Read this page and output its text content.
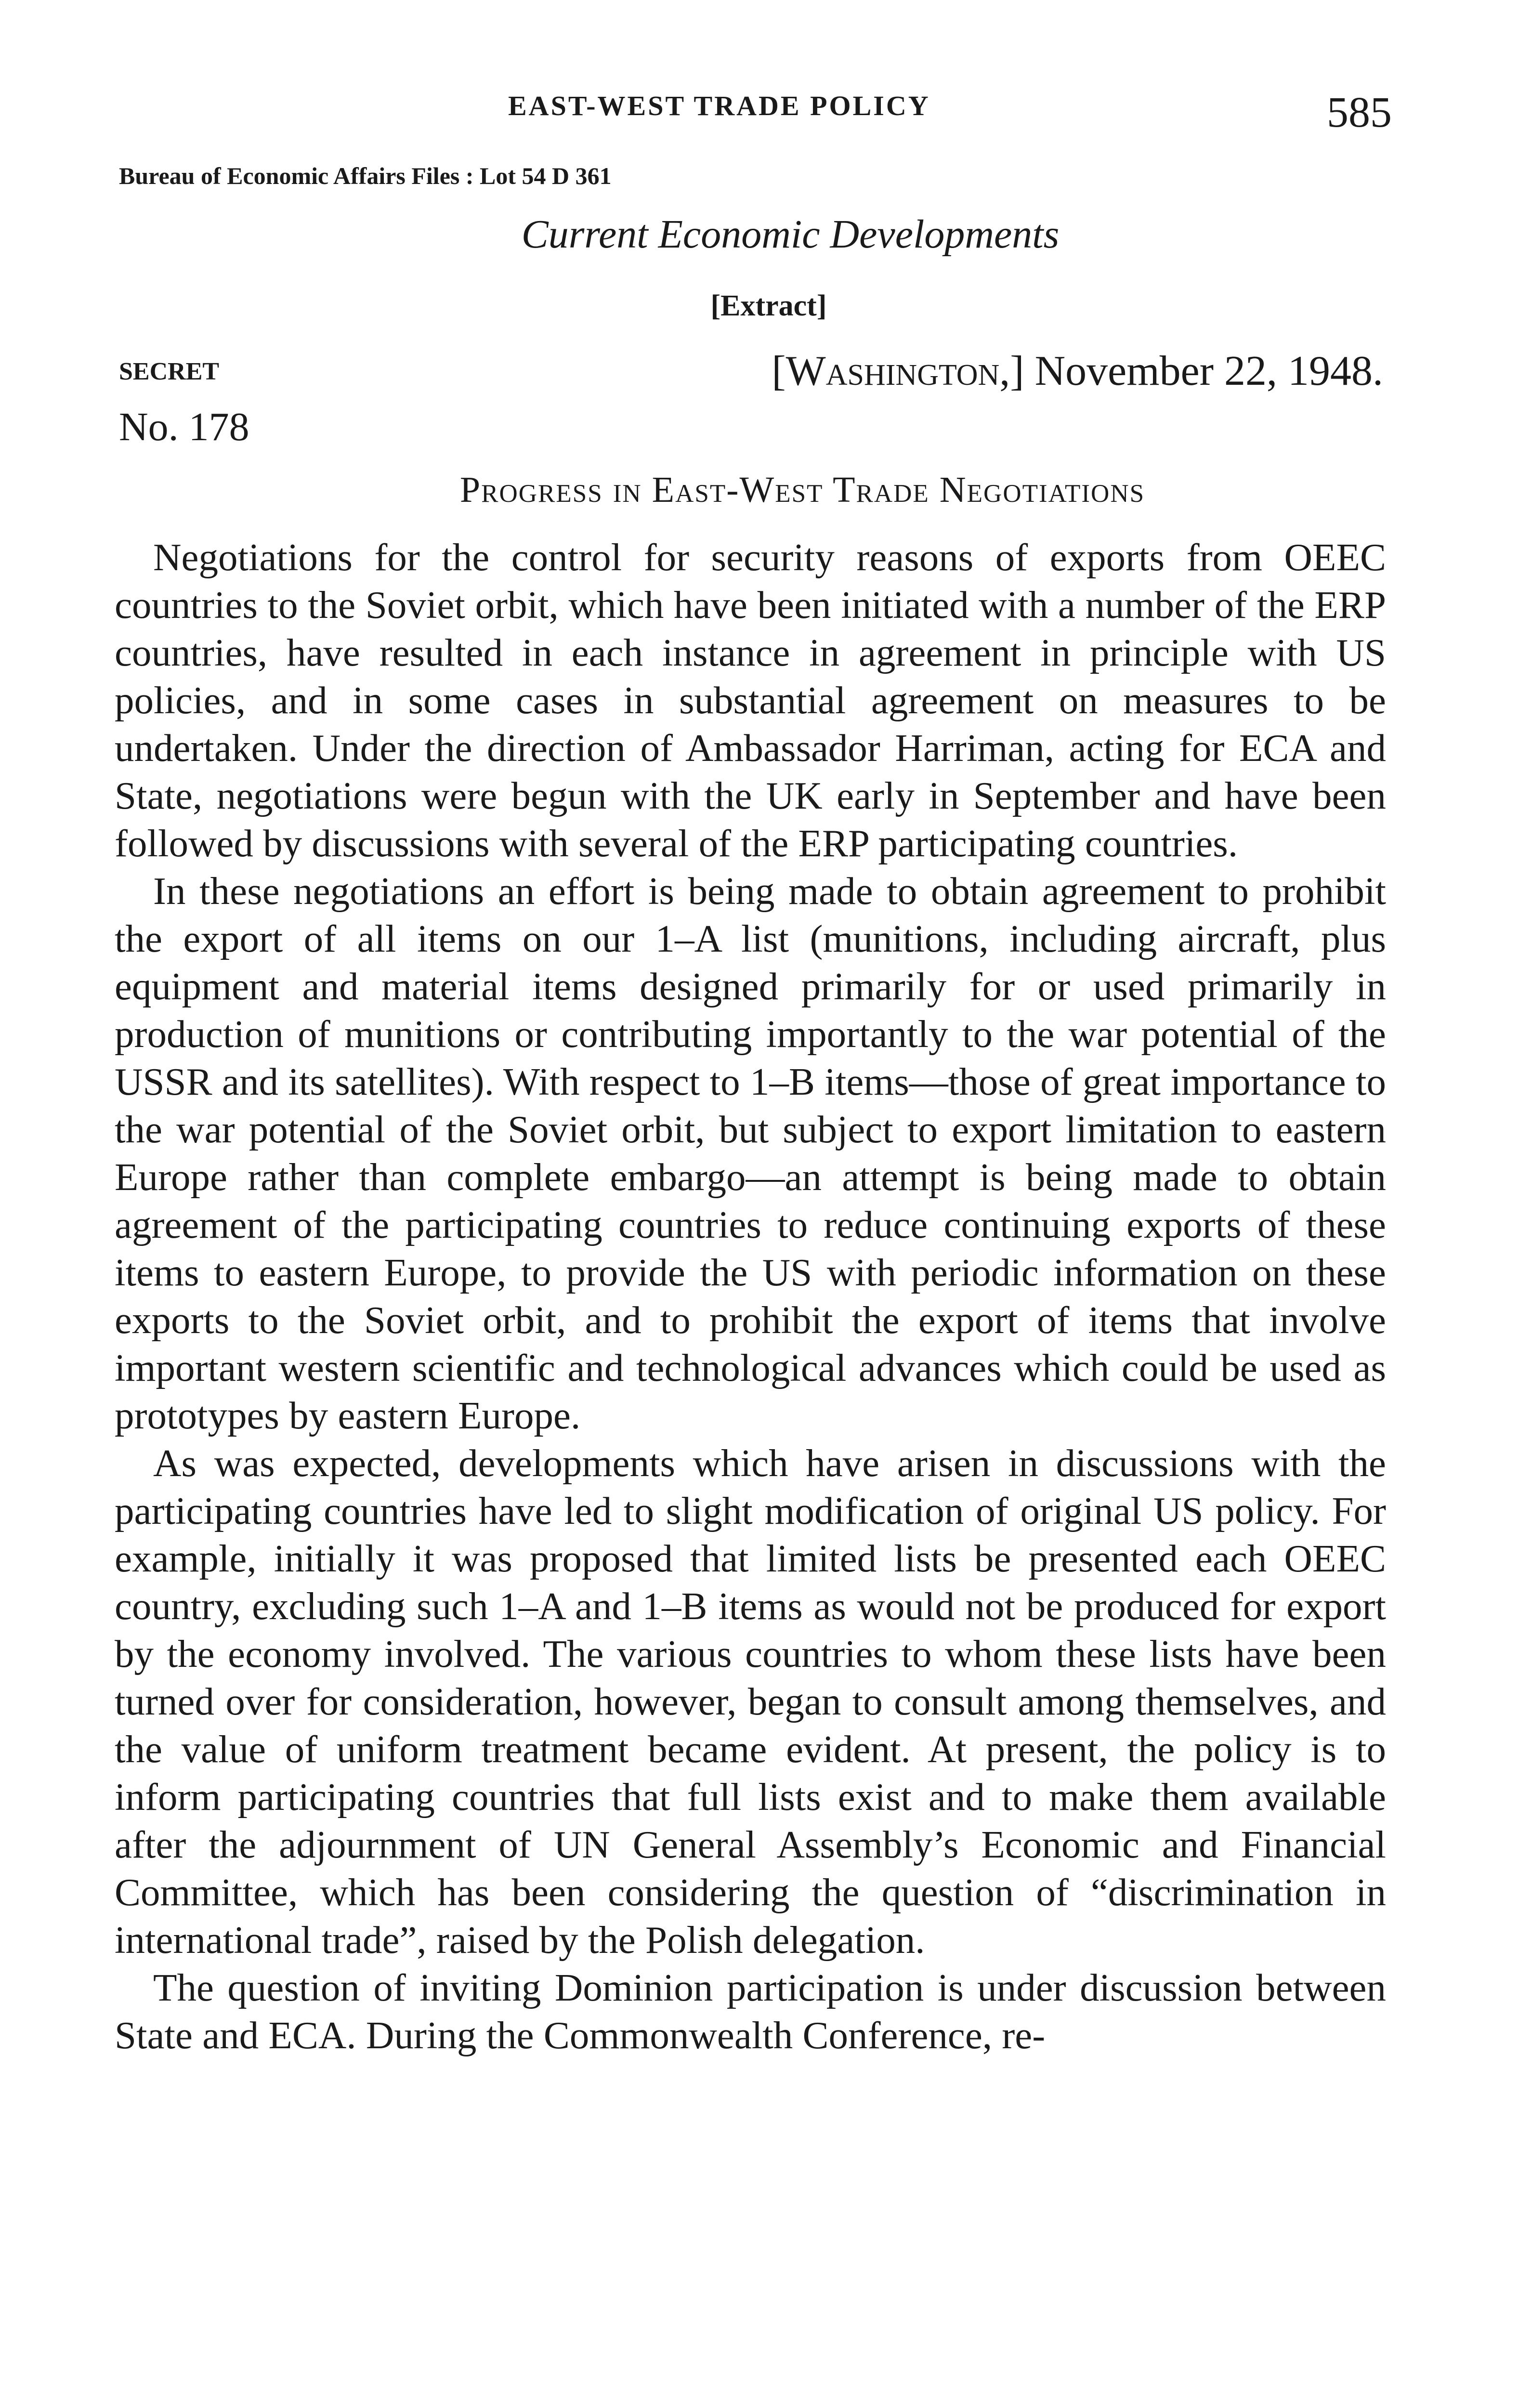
EAST-WEST TRADE POLICY	585
Bureau of Economic Affairs Files : Lot 54 D 361
Current Economic Developments
[Extract]
SECRET	[Washington,] November 22, 1948.
No. 178
Progress in East-West Trade Negotiations

Negotiations for the control for security reasons of exports from OEEC countries to the Soviet orbit, which have been initiated with a number of the ERP countries, have resulted in each instance in agreement in principle with US policies, and in some cases in substantial agreement on measures to be undertaken. Under the direction of Ambassador Harriman, acting for ECA and State, negotiations were begun with the UK early in September and have been followed by discussions with several of the ERP participating countries.

In these negotiations an effort is being made to obtain agreement to prohibit the export of all items on our 1–A list (munitions, including aircraft, plus equipment and material items designed primarily for or used primarily in production of munitions or contributing importantly to the war potential of the USSR and its satellites). With respect to 1–B items—those of great importance to the war potential of the Soviet orbit, but subject to export limitation to eastern Europe rather than complete embargo—an attempt is being made to obtain agreement of the participating countries to reduce continuing exports of these items to eastern Europe, to provide the US with periodic information on these exports to the Soviet orbit, and to prohibit the export of items that involve important western scientific and technological advances which could be used as prototypes by eastern Europe.

As was expected, developments which have arisen in discussions with the participating countries have led to slight modification of original US policy. For example, initially it was proposed that limited lists be presented each OEEC country, excluding such 1–A and 1–B items as would not be produced for export by the economy involved. The various countries to whom these lists have been turned over for consideration, however, began to consult among themselves, and the value of uniform treatment became evident. At present, the policy is to inform participating countries that full lists exist and to make them available after the adjournment of UN General Assembly’s Economic and Financial Committee, which has been considering the question of “discrimination in international trade”, raised by the Polish delegation.

The question of inviting Dominion participation is under discussion between State and ECA. During the Commonwealth Conference, re-
